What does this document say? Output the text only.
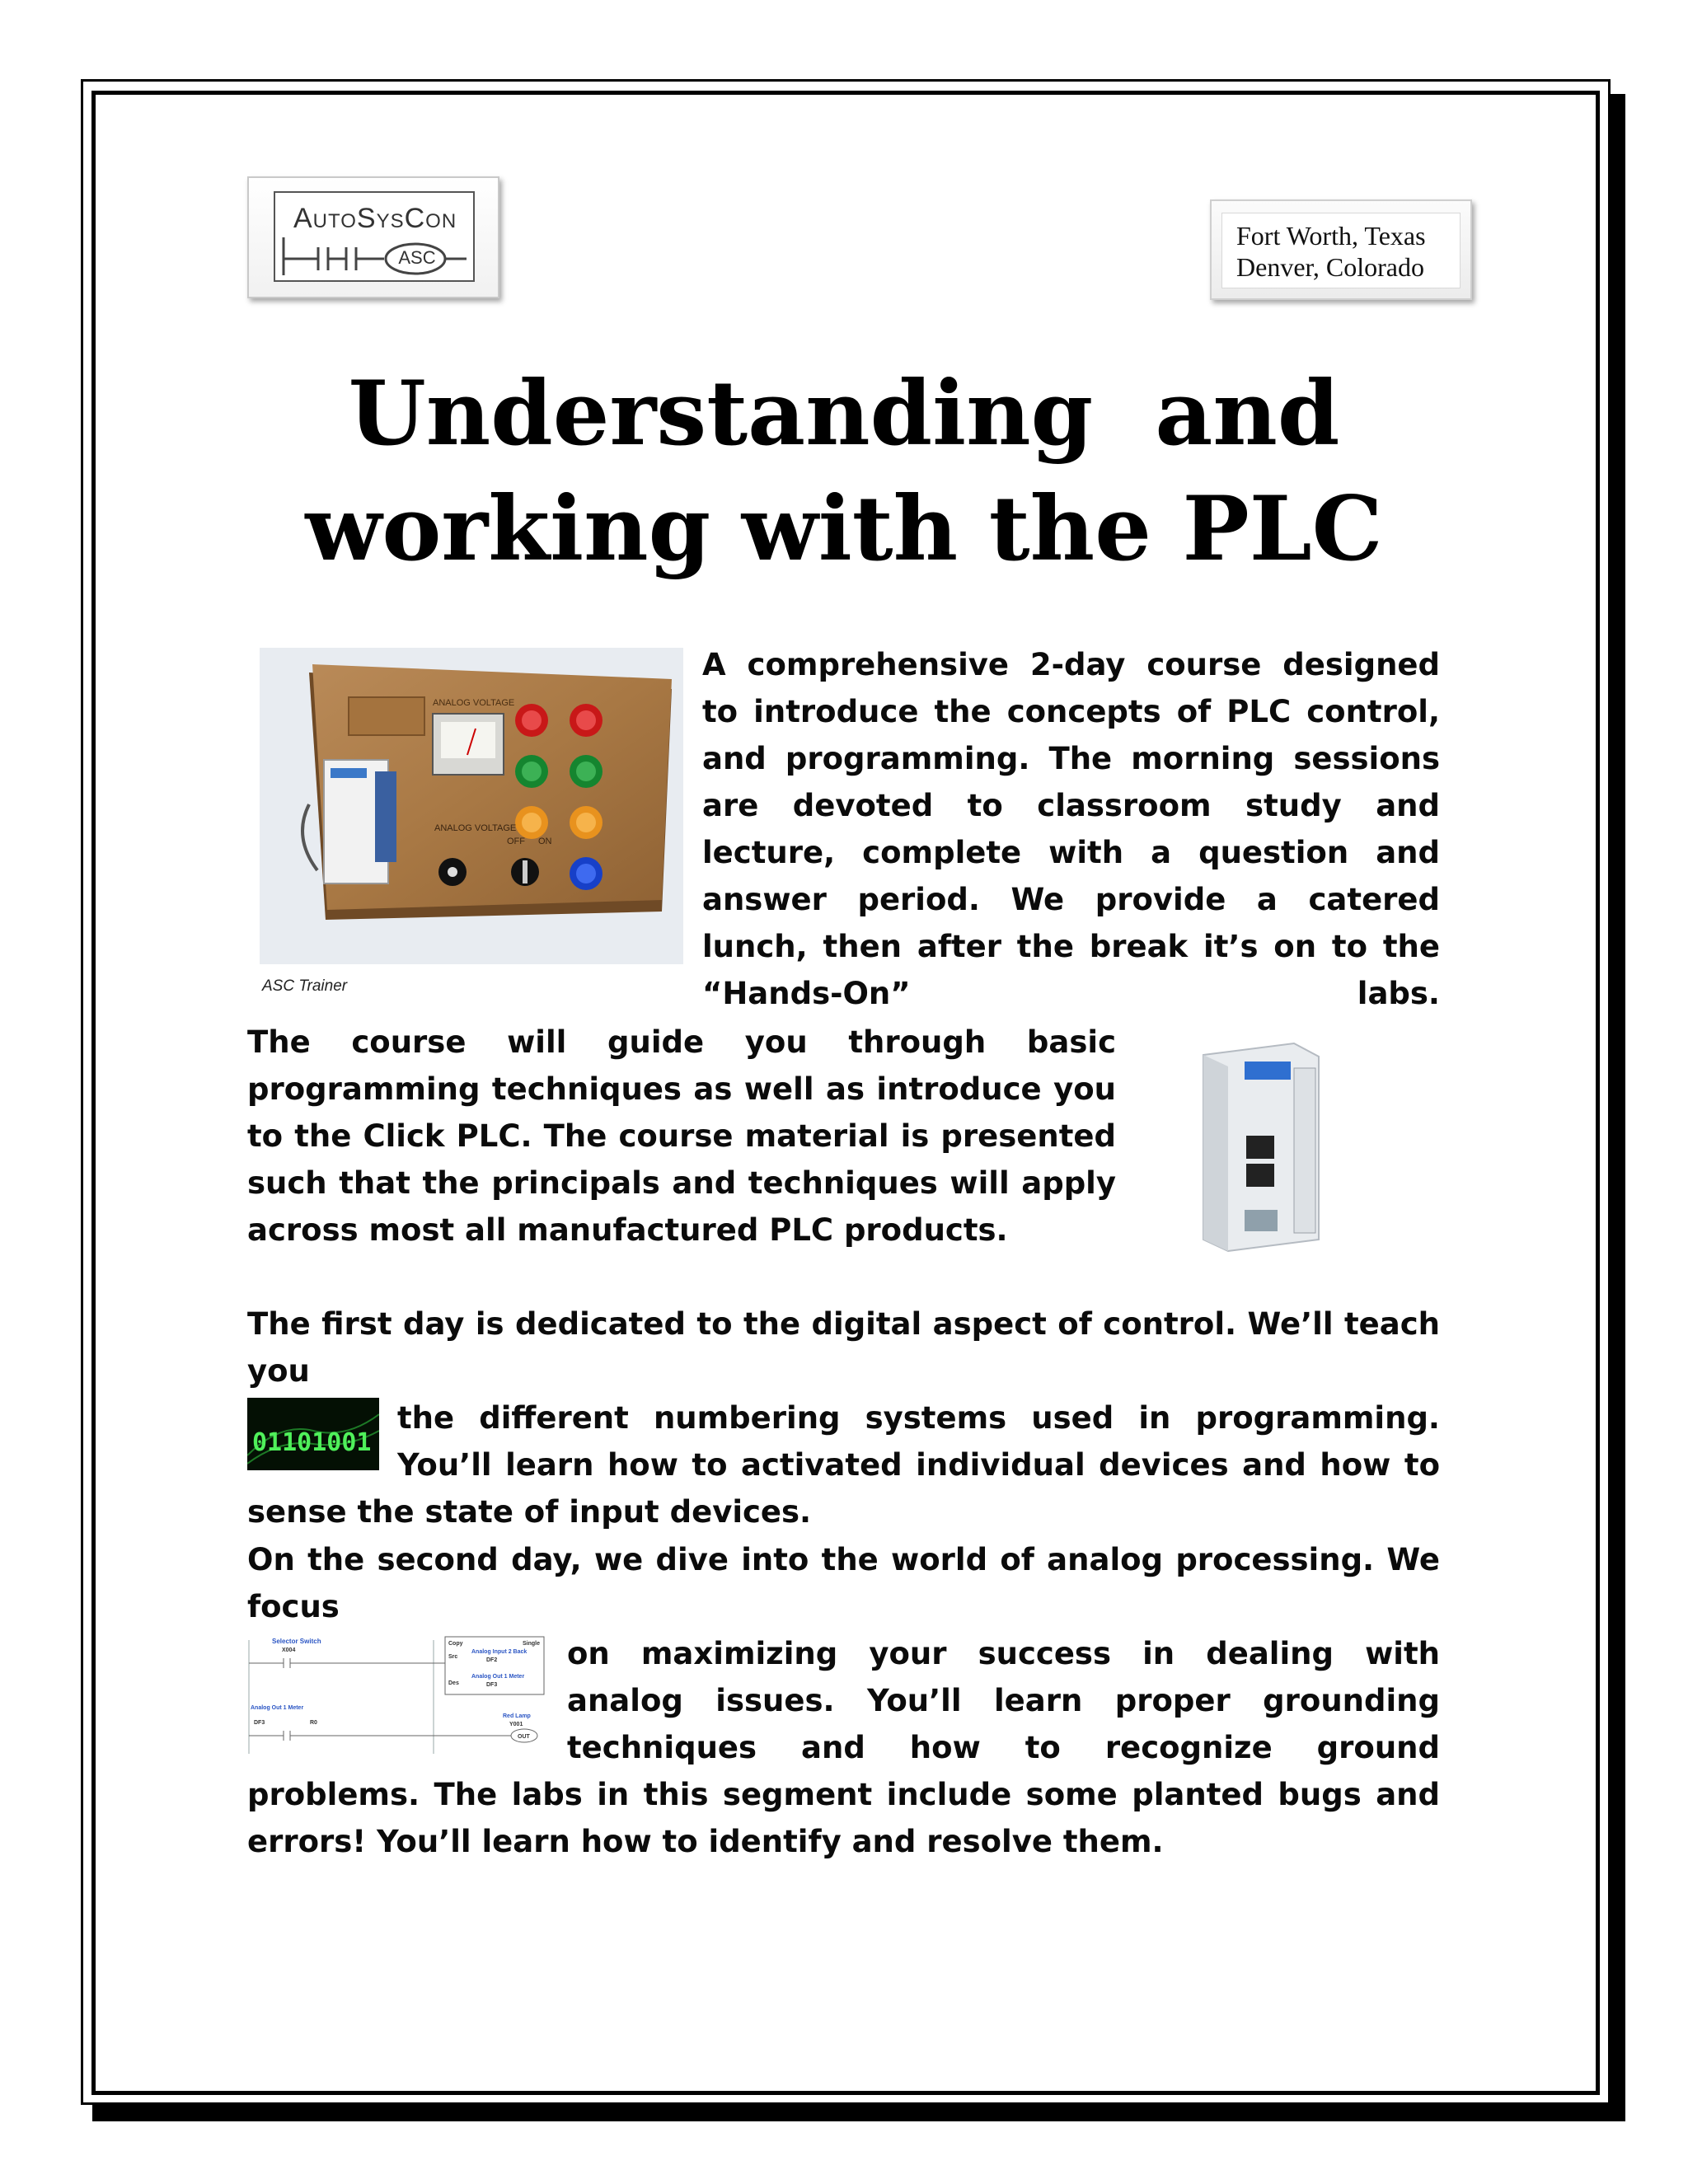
AutoSysCon
ASC
Fort Worth, Texas
Denver, Colorado
Understanding  and
working with the PLC
ANALOG VOLTAGE
ANALOG VOLTAGE
OFF ON
ASC Trainer
A comprehensive 2-day course designed to introduce the concepts of PLC control, and programming. The morning sessions are devoted to classroom study and lecture, complete with a question and answer period. We provide a catered lunch, then after the break it’s on to the “Hands-On” labs.
The course will guide you through basic programming techniques as well as introduce you to the Click PLC. The course material is presented such that the principals and techniques will apply across most all manufactured PLC products.
The first day is dedicated to the digital aspect of control. We’ll teach you
01101001
the different numbering systems used in programming. You’ll learn how to activated individual devices and how to sense the state of input devices.
On the second day, we dive into the world of analog processing. We focus
Selector Switch
X004
Copy	Single
Src
Analog Input 2 Back
DF2
Des
Analog Out 1 Meter
DF3
Analog Out 1 Meter
DF3	R0
Red Lamp
Y001
OUT
on maximizing your success in dealing with analog issues. You’ll learn proper grounding techniques and how to recognize ground problems. The labs in this segment include some planted bugs and errors! You’ll learn how to identify and resolve them.
